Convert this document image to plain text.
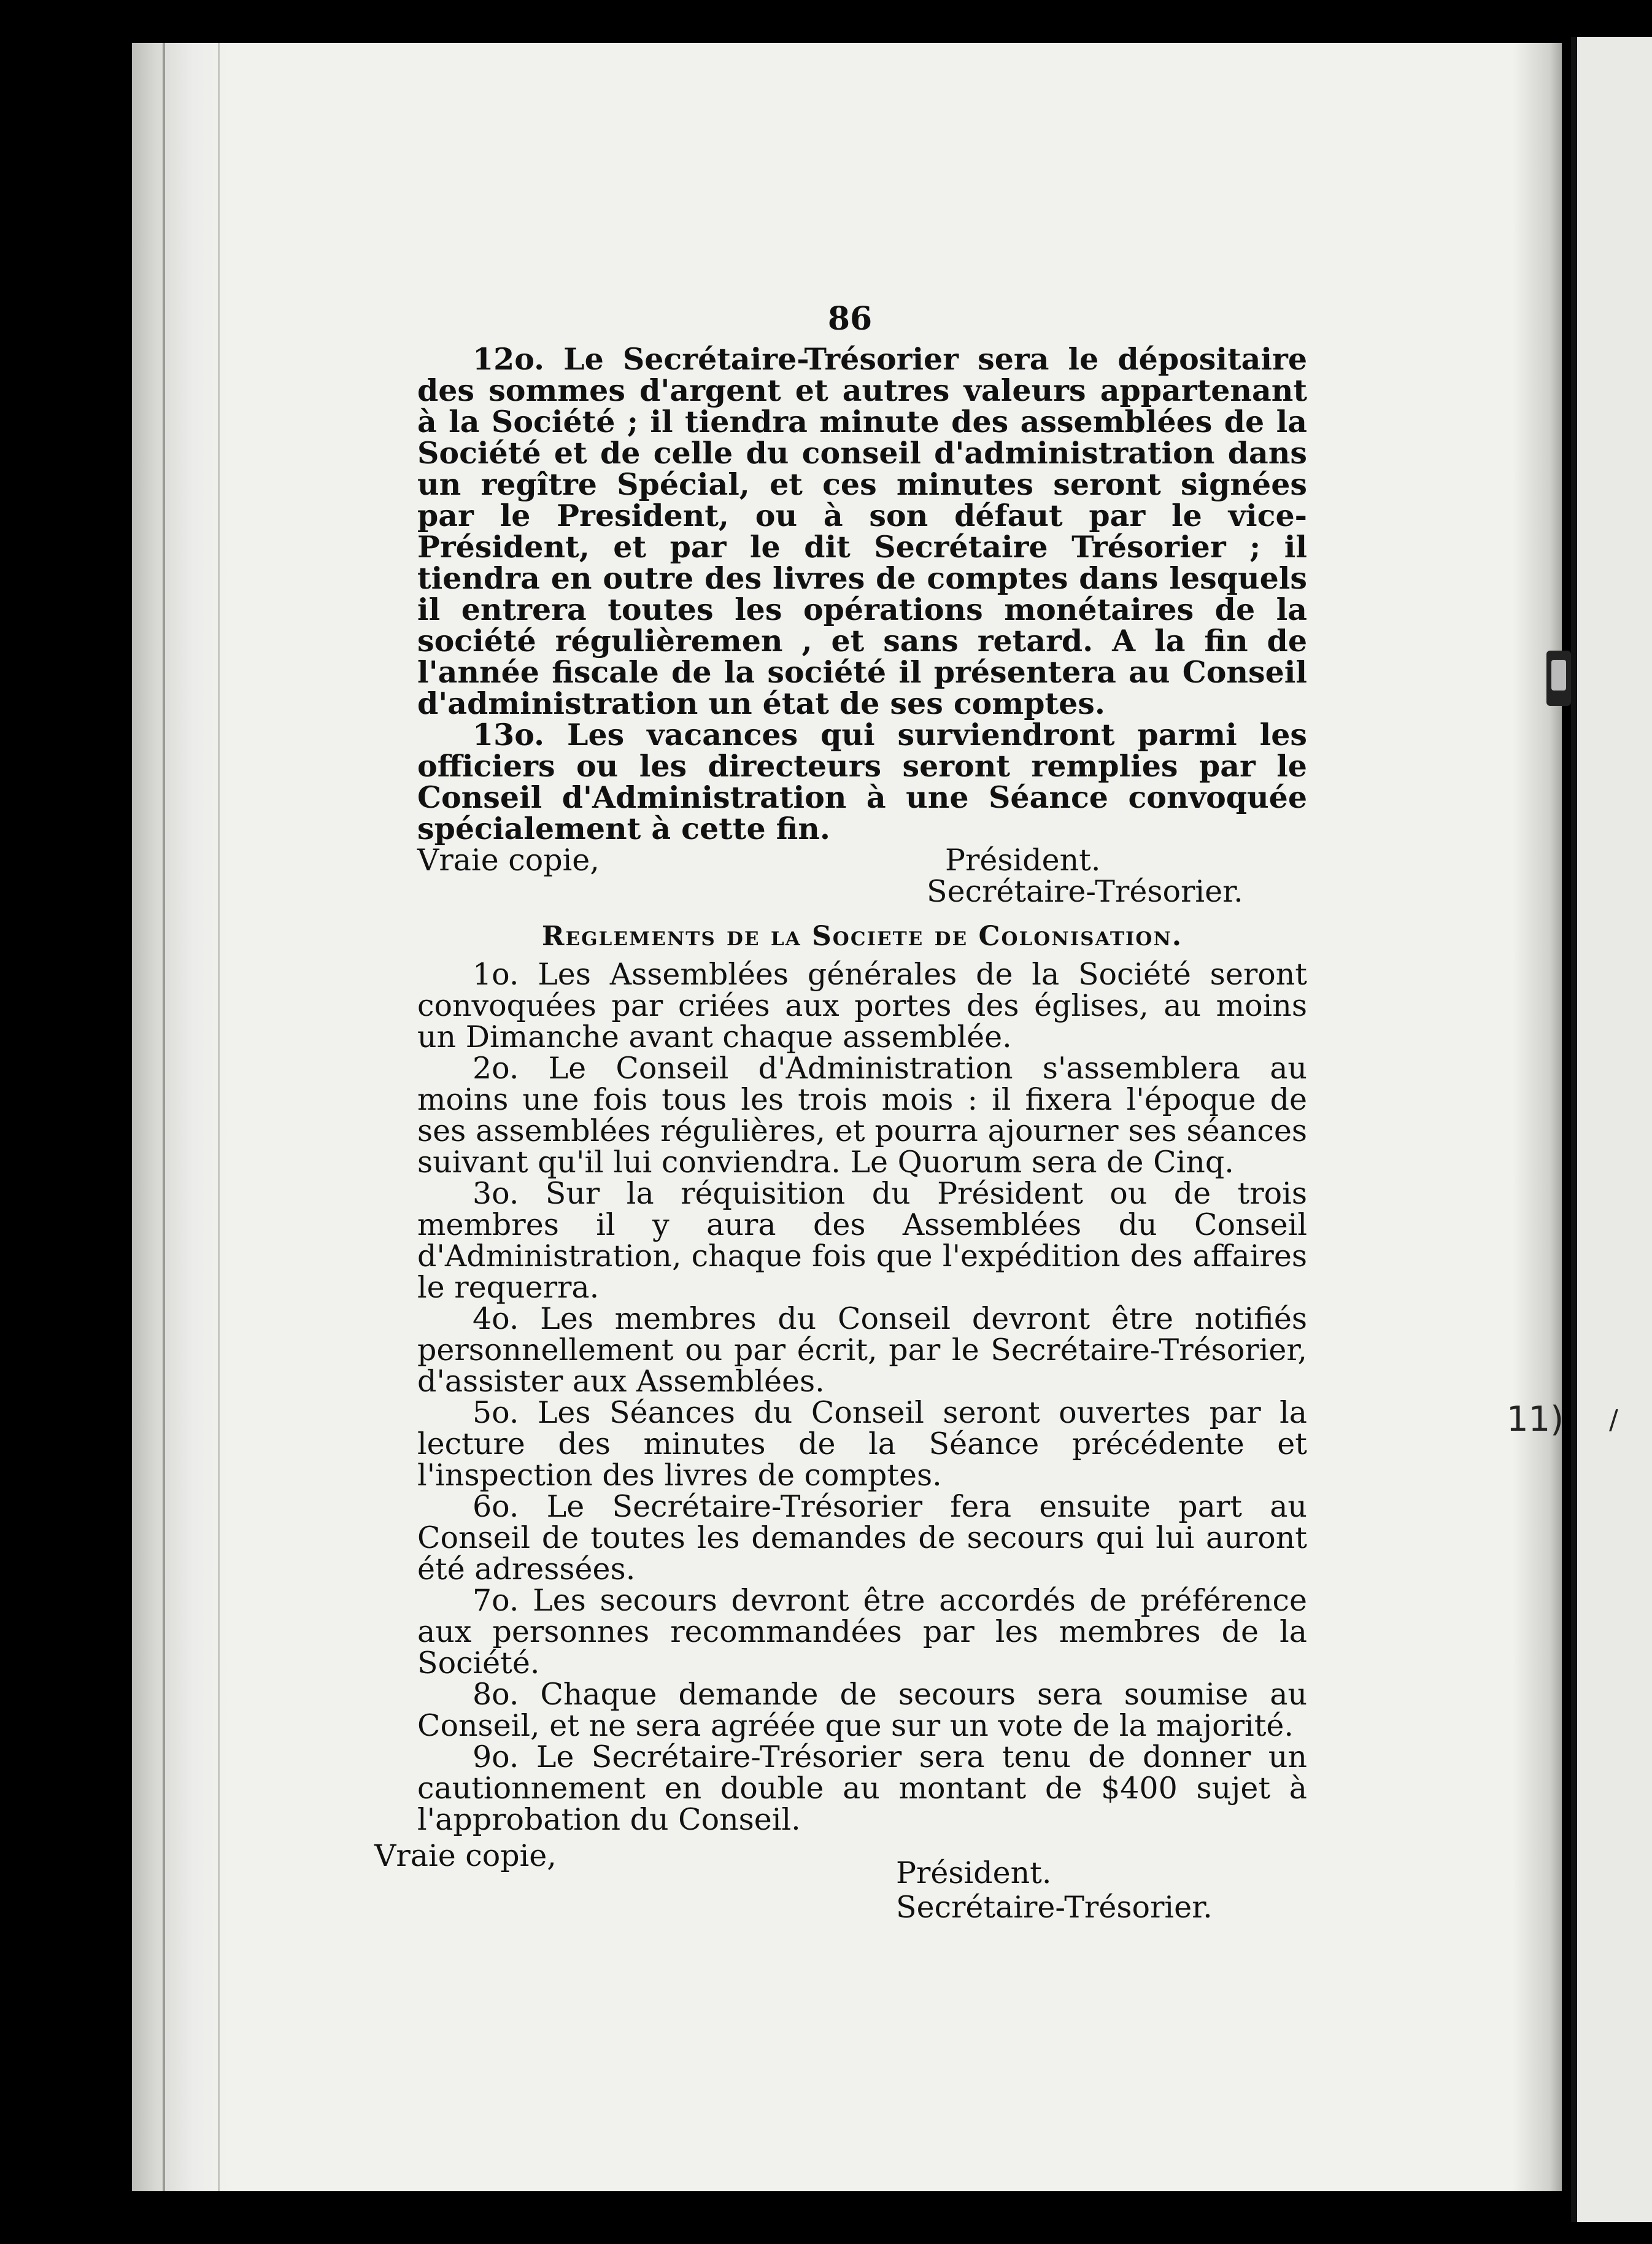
86

12o. Le Secrétaire-Trésorier sera le dépositaire des sommes d'argent et autres valeurs appartenant à la Société ; il tiendra minute des assemblées de la Société et de celle du conseil d'administration dans un regître Spécial, et ces minutes seront signées par le President, ou à son défaut par le vice-Président, et par le dit Secrétaire Trésorier ; il tiendra en outre des livres de comptes dans lesquels il entrera toutes les opérations monétaires de la société régulièremen , et sans retard. A la fin de l'année fiscale de la société il présentera au Conseil d'administration un état de ses comptes.

13o. Les vacances qui surviendront parmi les officiers ou les directeurs seront remplies par le Conseil d'Administration à une Séance convoquée spécialement à cette fin.

Vraie copie,	Président.
Secrétaire-Trésorier.
Reglements de la Societe de Colonisation.

1o. Les Assemblées générales de la Société seront convoquées par criées aux portes des églises, au moins un Dimanche avant chaque assemblée.

2o. Le Conseil d'Administration s'assemblera au moins une fois tous les trois mois : il fixera l'époque de ses assemblées régulières, et pourra ajourner ses séances suivant qu'il lui conviendra. Le Quorum sera de Cinq.

3o. Sur la réquisition du Président ou de trois membres il y aura des Assemblées du Conseil d'Administration, chaque fois que l'expédition des affaires le requerra.

4o. Les membres du Conseil devront être notifiés personnellement ou par écrit, par le Secrétaire-Trésorier, d'assister aux Assemblées.

5o. Les Séances du Conseil seront ouvertes par la lecture des minutes de la Séance précédente et l'inspection des livres de comptes.

6o. Le Secrétaire-Trésorier fera ensuite part au Conseil de toutes les demandes de secours qui lui auront été adressées.

7o. Les secours devront être accordés de préférence aux personnes recommandées par les membres de la Société.

8o. Chaque demande de secours sera soumise au Conseil, et ne sera agréée que sur un vote de la majorité.

9o. Le Secrétaire-Trésorier sera tenu de donner un cautionnement en double au montant de $400 sujet à l'approbation du Conseil.

Vraie copie,	Président.
Secrétaire-Trésorier.
11) /
